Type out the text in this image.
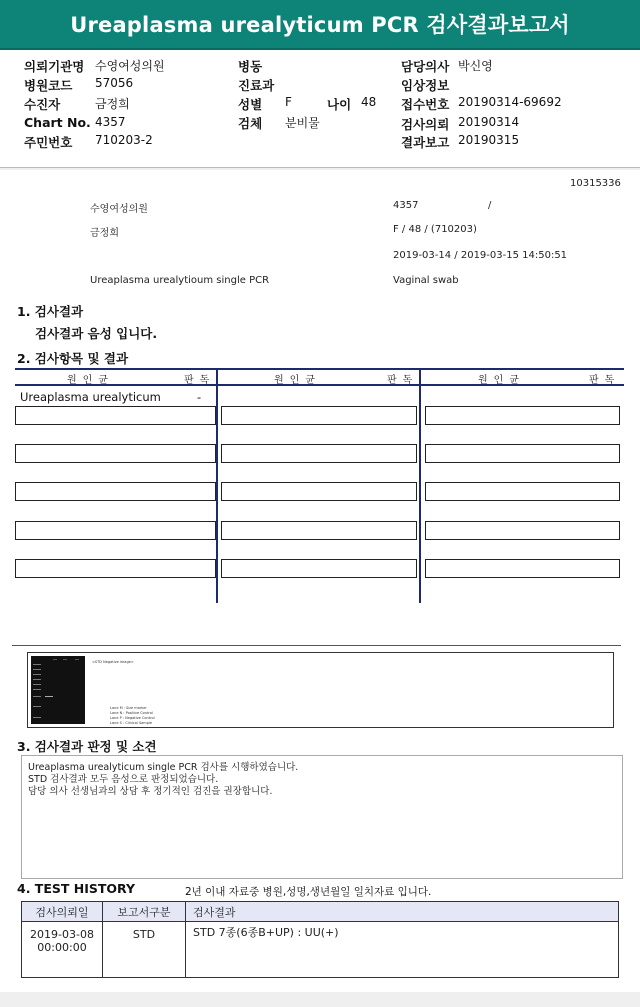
Ureaplasma urealyticum PCR 검사결과보고서
의뢰기관명 수영여성의원
병원코드 57056
수진자	금정희
Chart No. 4357
주민번호 710203-2
병동
진료과
성별 F	나이 48
검체 분비물
담당의사 박신영
임상정보
접수번호 20190314-69692
검사의뢰 20190314
결과보고 20190315
10315336
수영여성의원	4357	/
금정희	F / 48 / (710203)
2019-03-14 / 2019-03-15 14:50:51
Ureaplasma urealytioum single PCR	Vaginal swab
1. 검사결과
검사결과 음성 입니다.
2. 검사항목 및 결과
원인균	판독	원인균	판독	원인균	판독
Ureaplasma urealyticum	-
<STD Negative image>
Lane M : Size marker
Lane N : Positive Control
Lane P : Negative Control
Lane S : Clinical Sample
3. 검사결과 판정 및 소견
Ureaplasma urealyticum single PCR 검사를 시행하였습니다.
STD 검사결과 모두 음성으로 판정되었습니다.
담당 의사 선생님과의 상담 후 정기적인 검진을 권장합니다.
4. TEST HISTORY	2년 이내 자료중 병원,성명,생년월일 일치자료 입니다.
검사의뢰일	보고서구분	검사결과

2019-03-08
00:00:00	STD	STD 7종(6종B+UP) : UU(+)
